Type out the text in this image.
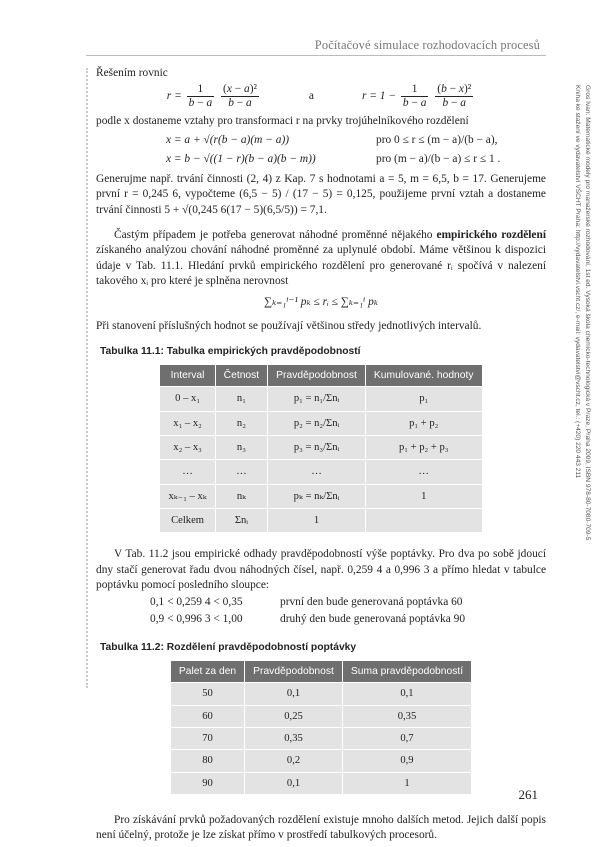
Počítačové simulace rozhodovacích procesů
Gros Ivan: Matematické modely pro manažerské rozhodování, 1st ed. Vysoká škola chemicko-technologická v Praze, Praha 2009, ISBN 978-80-7080-709-5
Kniha ke stažení ve vydavatelství VŠCHT Praha: http://vydavatelstvi.vscht.cz/, e-mail: vydavatelstvi@vscht.cz, tel.: (+420) 220 443 211

Řešením rovnic

$r = \frac{1}{b - a}$
$\frac{\text{(x − a)²}}{b - a}$	a	$r = 1 - \frac{1}{b - a}$
$\frac{\text{(b − x)²}}{b - a}$

podle x dostaneme vztahy pro transformaci r na prvky trojúhelníkového rozdělení

x = a + √(r(b − a)(m − a))	pro 0 ≤ r ≤ (m − a)/(b − a),
x = b − √((1 − r)(b − a)(b − m))	pro (m − a)/(b − a) ≤ r ≤ 1 .

Generujme např. trvání činnosti (2, 4) z Kap. 7 s hodnotami a = 5, m = 6,5, b = 17. Generujeme první r = 0,245 6, vypočteme (6,5 − 5) / (17 − 5) = 0,125, použijeme první vztah a dostaneme trvání činnosti 5 + √(0,245 6(17 − 5)(6,5/5)) = 7,1.

Častým případem je potřeba generovat náhodné proměnné nějakého empirického rozdělení získaného analýzou chování náhodné proměnné za uplynulé období. Máme většinou k dispozici údaje v Tab. 11.1. Hledání prvků empirického rozdělení pro generované rᵢ spočívá v nalezení takového xᵢ pro které je splněna nerovnost

∑ₖ₌₁ⁱ⁻¹ pₖ ≤ rᵢ ≤ ∑ₖ₌₁ⁱ pₖ

Při stanovení příslušných hodnot se používají většinou středy jednotlivých intervalů.

Tabulka 11.1: Tabulka empirických pravděpodobností
Interval	Četnost	Pravděpodobnost	Kumulované. hodnoty
0 – x₁	n₁	p₁ = n₁/Σnᵢ	p₁
x₁ – x₂	n₂	p₂ = n₂/Σnᵢ	p₁ + p₂
x₂ – x₃	n₃	p₃ = n₃/Σnᵢ	p₁ + p₂ + p₃
…	…	…	…
xₖ₋₁ – xₖ	nₖ	pₖ = nₖ/Σnᵢ	1
Celkem	Σnᵢ	1	

V Tab. 11.2 jsou empirické odhady pravděpodobností výše poptávky. Pro dva po sobě jdoucí dny stačí generovat řadu dvou náhodných čísel, např. 0,259 4 a 0,996 3 a přímo hledat v tabulce poptávku pomocí posledního sloupce:

0,1 < 0,259 4 < 0,35	první den bude generovaná poptávka 60
0,9 < 0,996 3 < 1,00	druhý den bude generovaná poptávka 90
Tabulka 11.2: Rozdělení pravděpodobností poptávky
Palet za den	Pravděpodobnost	Suma pravděpodobností
50	0,1	0,1
60	0,25	0,35
70	0,35	0,7
80	0,2	0,9
90	0,1	1

Pro získávání prvků požadovaných rozdělení existuje mnoho dalších metod. Jejich další popis není účelný, protože je lze získat přímo v prostředí tabulkových procesorů.

261
